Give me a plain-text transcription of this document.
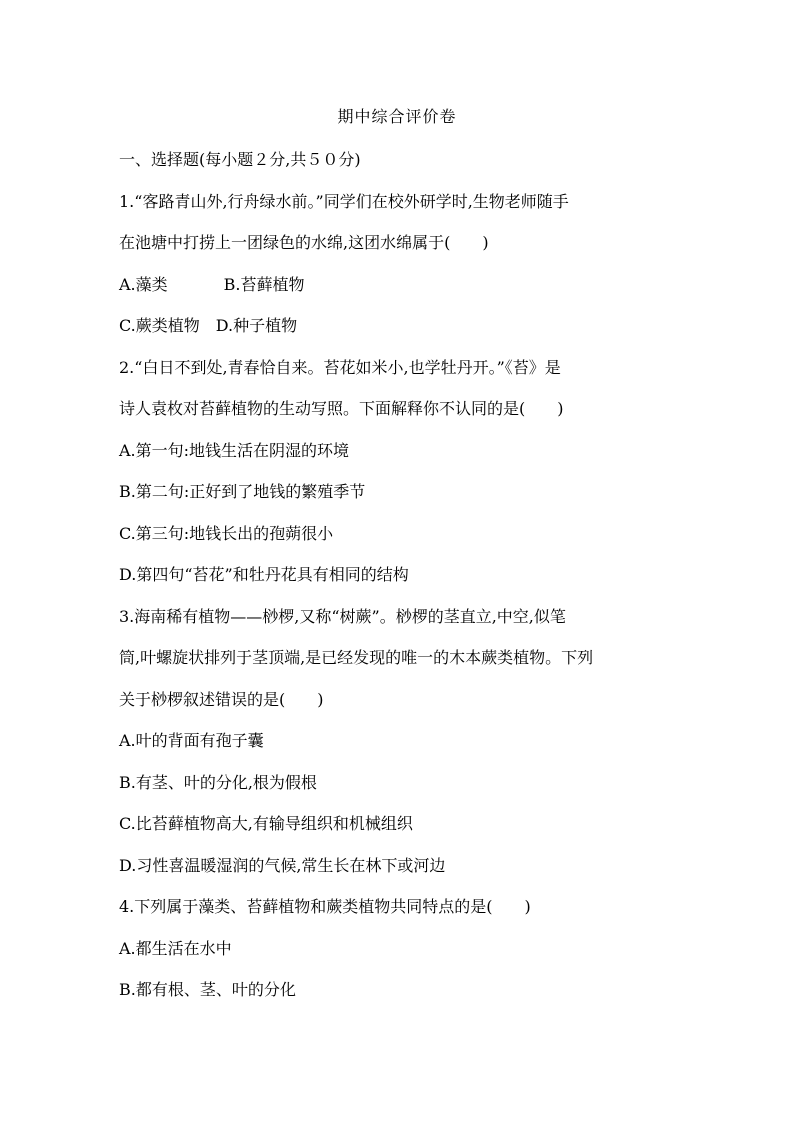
期中综合评价卷
一、选择题(每小题２分,共５０分)
1.“客路青山外,行舟绿水前。”同学们在校外研学时,生物老师随手
在池塘中打捞上一团绿色的水绵,这团水绵属于(　　)
A.藻类	B.苔藓植物
C.蕨类植物 D.种子植物
2.“白日不到处,青春恰自来。苔花如米小,也学牡丹开。”《苔》是
诗人袁枚对苔藓植物的生动写照。下面解释你不认同的是(　　)
A.第一句:地钱生活在阴湿的环境
B.第二句:正好到了地钱的繁殖季节
C.第三句:地钱长出的孢蒴很小
D.第四句“苔花”和牡丹花具有相同的结构
3.海南稀有植物——桫椤,又称“树蕨”。桫椤的茎直立,中空,似笔
筒,叶螺旋状排列于茎顶端,是已经发现的唯一的木本蕨类植物。下列
关于桫椤叙述错误的是(　　)
A.叶的背面有孢子囊
B.有茎、叶的分化,根为假根
C.比苔藓植物高大,有输导组织和机械组织
D.习性喜温暖湿润的气候,常生长在林下或河边
4.下列属于藻类、苔藓植物和蕨类植物共同特点的是(　　)
A.都生活在水中
B.都有根、茎、叶的分化
